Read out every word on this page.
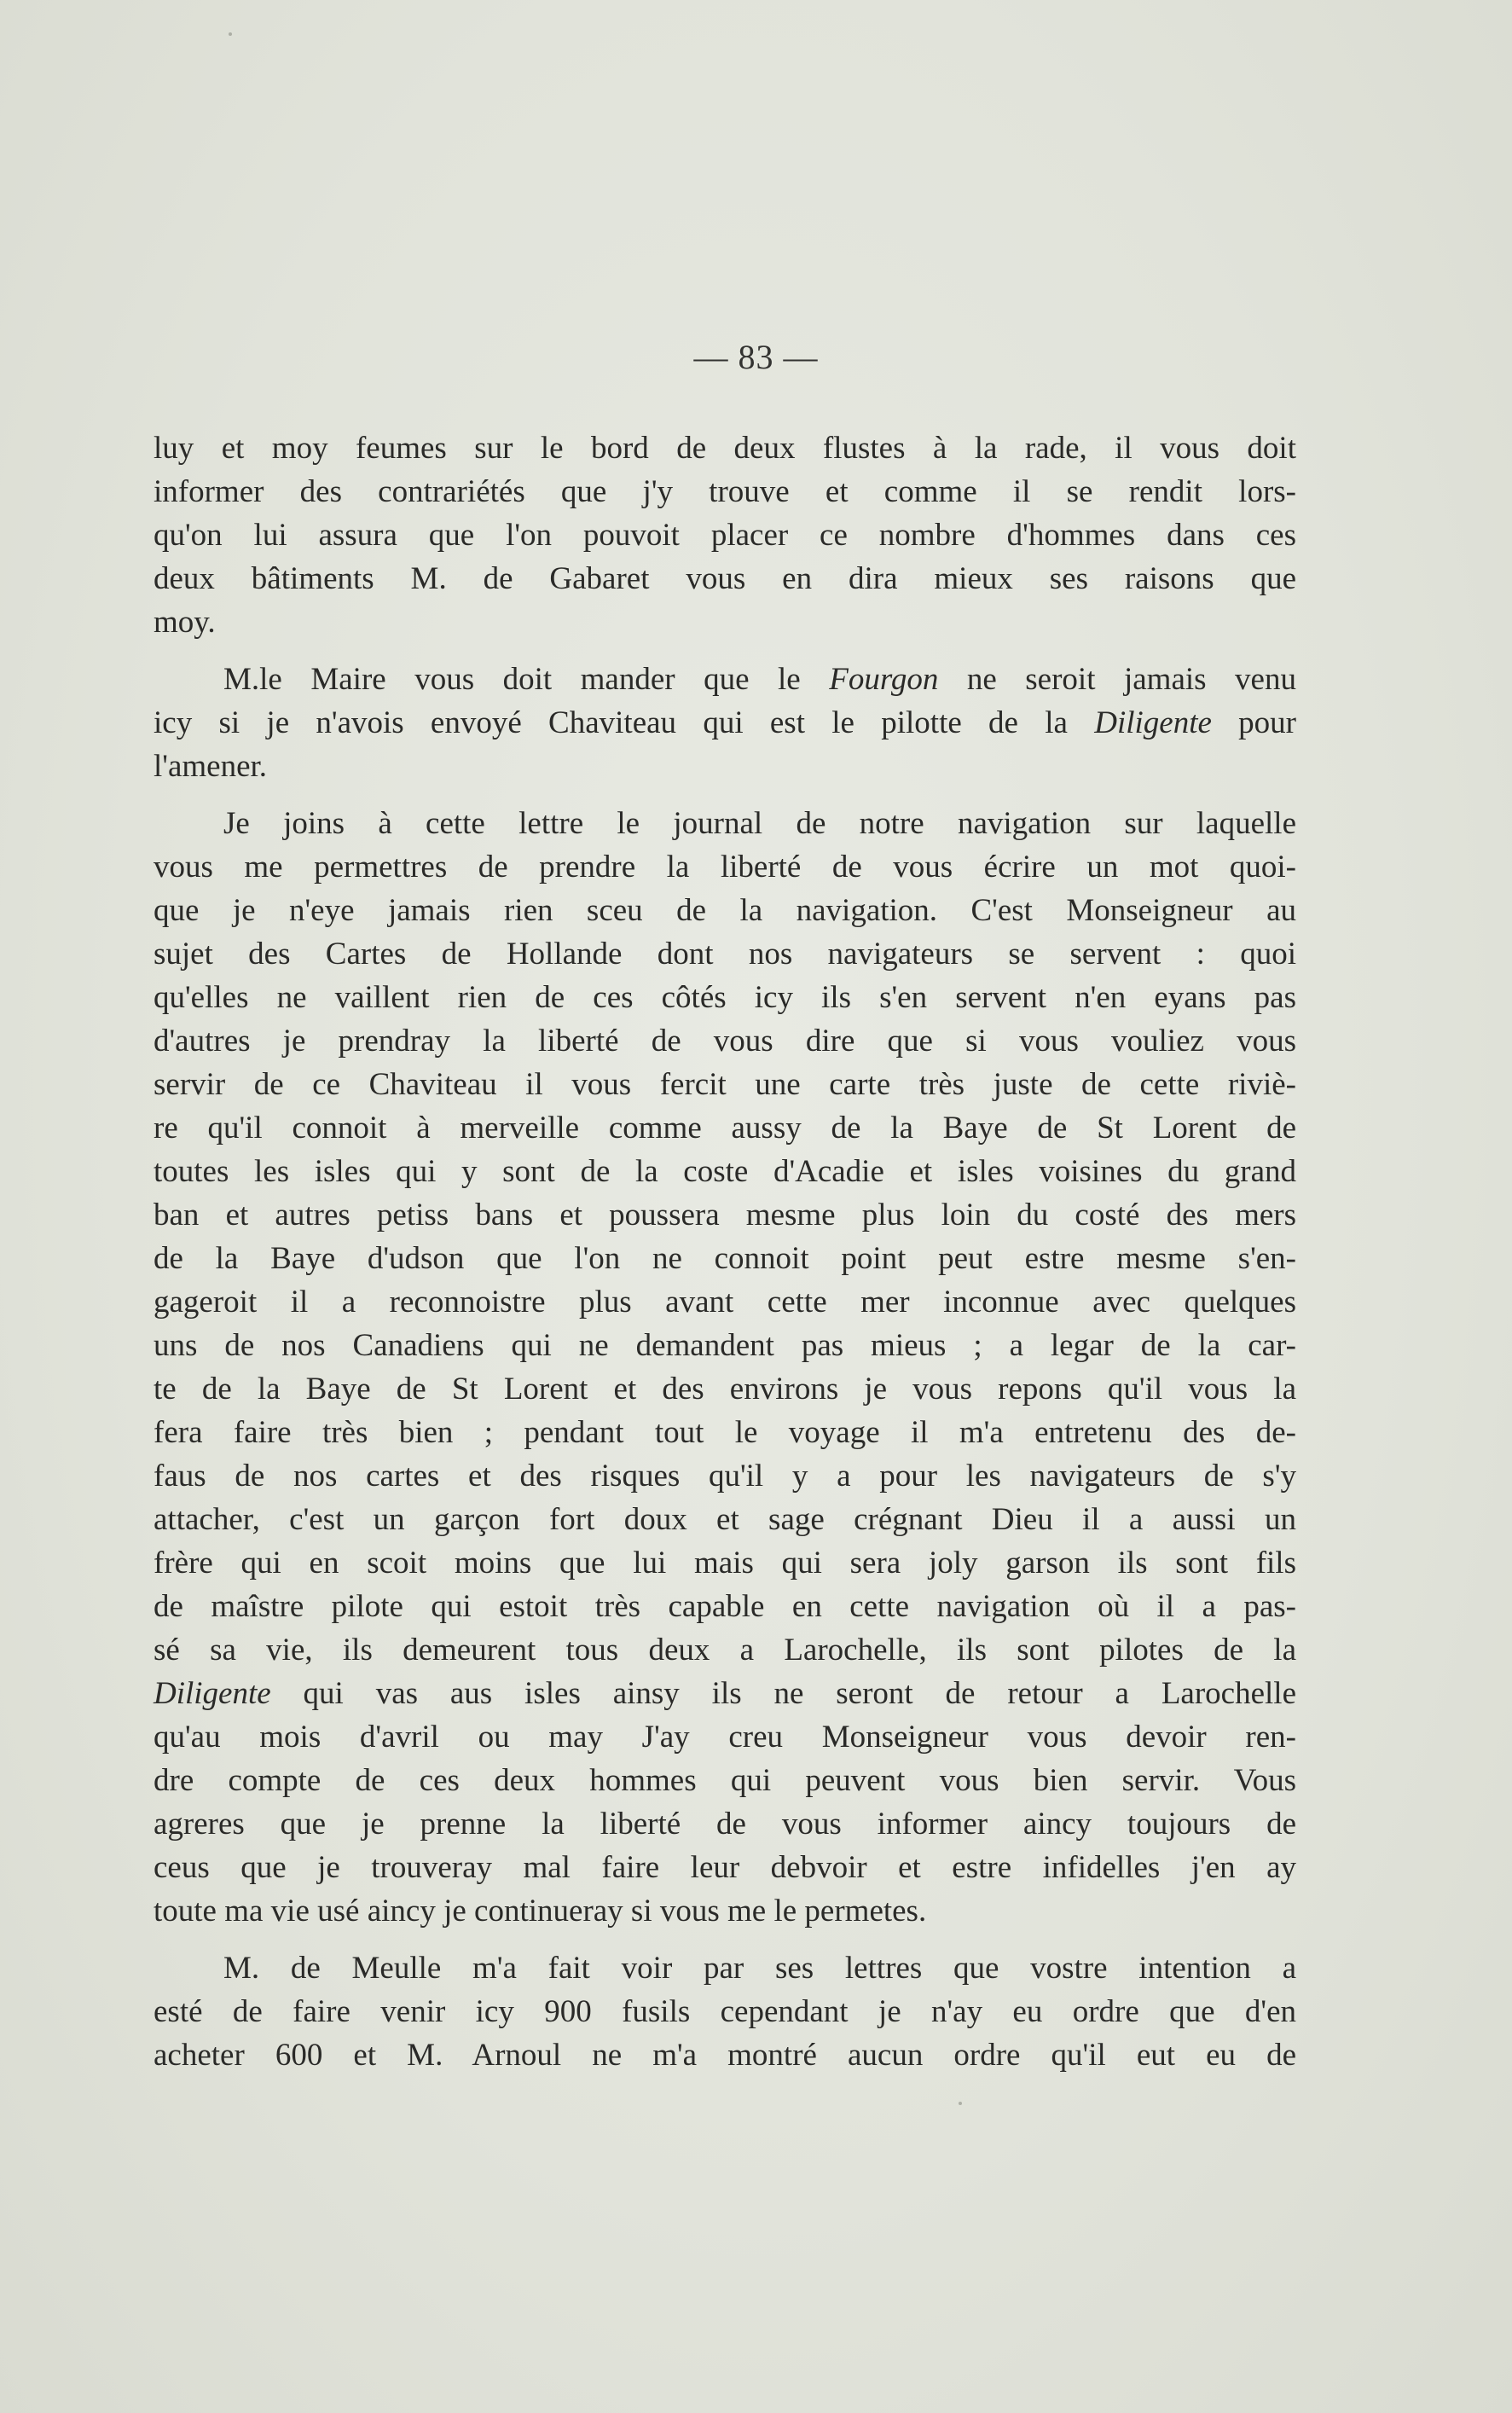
— 83 —
luy et moy feumes sur le bord de deux flustes à la rade, il vous doit
informer des contrariétés que j'y trouve et comme il se rendit lors-
qu'on lui assura que l'on pouvoit placer ce nombre d'hommes dans ces
deux bâtiments M. de Gabaret vous en dira mieux ses raisons que
moy.
M.le Maire vous doit mander que le Fourgon ne seroit jamais venu
icy si je n'avois envoyé Chaviteau qui est le pilotte de la Diligente pour
l'amener.
Je joins à cette lettre le journal de notre navigation sur laquelle
vous me permettres de prendre la liberté de vous écrire un mot quoi-
que je n'eye jamais rien sceu de la navigation. C'est Monseigneur au
sujet des Cartes de Hollande dont nos navigateurs se servent : quoi
qu'elles ne vaillent rien de ces côtés icy ils s'en servent n'en eyans pas
d'autres je prendray la liberté de vous dire que si vous vouliez vous
servir de ce Chaviteau il vous fercit une carte très juste de cette riviè-
re qu'il connoit à merveille comme aussy de la Baye de St Lorent de
toutes les isles qui y sont de la coste d'Acadie et isles voisines du grand
ban et autres petiss bans et poussera mesme plus loin du costé des mers
de la Baye d'udson que l'on ne connoit point peut estre mesme s'en-
gageroit il a reconnoistre plus avant cette mer inconnue avec quelques
uns de nos Canadiens qui ne demandent pas mieus ; a legar de la car-
te de la Baye de St Lorent et des environs je vous repons qu'il vous la
fera faire très bien ; pendant tout le voyage il m'a entretenu des de-
faus de nos cartes et des risques qu'il y a pour les navigateurs de s'y
attacher, c'est un garçon fort doux et sage crégnant Dieu il a aussi un
frère qui en scoit moins que lui mais qui sera joly garson ils sont fils
de maîstre pilote qui estoit très capable en cette navigation où il a pas-
sé sa vie, ils demeurent tous deux a Larochelle, ils sont pilotes de la
Diligente qui vas aus isles ainsy ils ne seront de retour a Larochelle
qu'au mois d'avril ou may J'ay creu Monseigneur vous devoir ren-
dre compte de ces deux hommes qui peuvent vous bien servir. Vous
agreres que je prenne la liberté de vous informer aincy toujours de
ceus que je trouveray mal faire leur debvoir et estre infidelles j'en ay
toute ma vie usé aincy je continueray si vous me le permetes.
M. de Meulle m'a fait voir par ses lettres que vostre intention a
esté de faire venir icy 900 fusils cependant je n'ay eu ordre que d'en
acheter 600 et M. Arnoul ne m'a montré aucun ordre qu'il eut eu de
